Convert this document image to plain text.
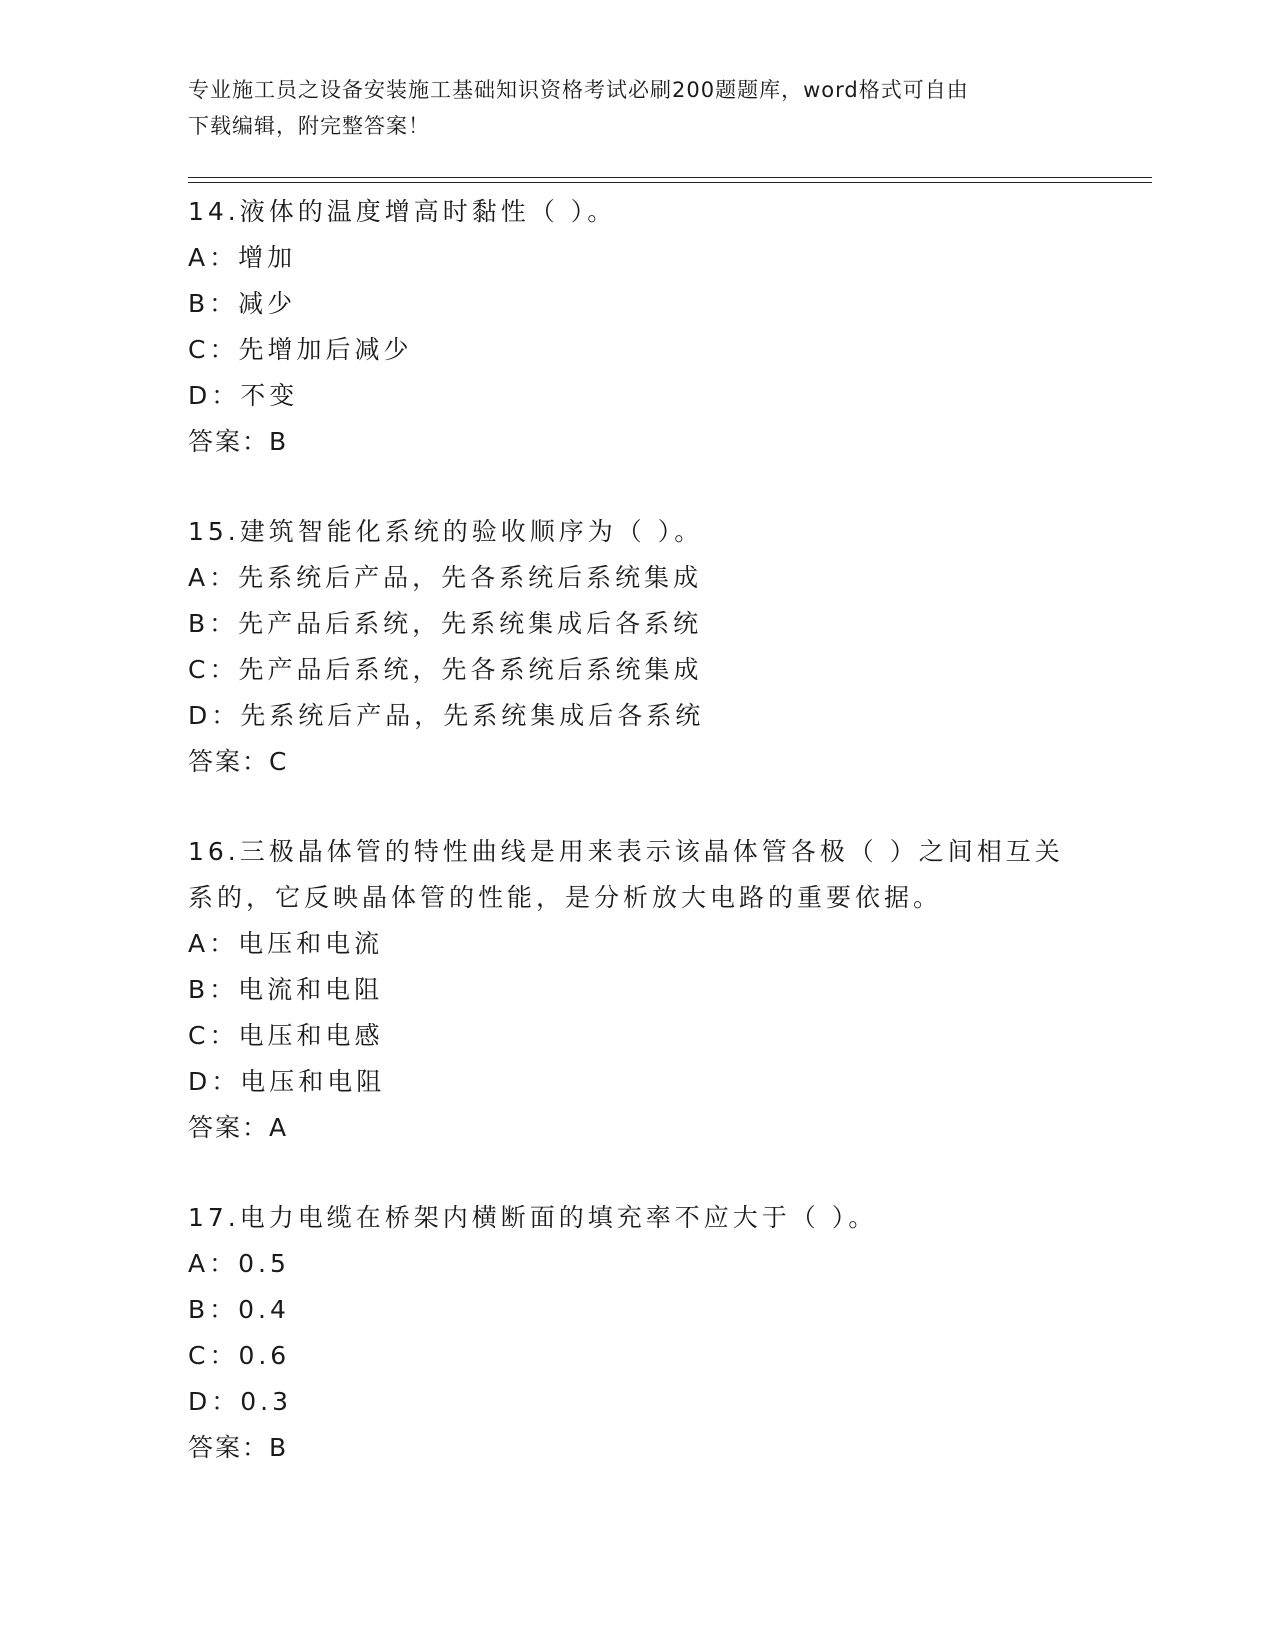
专业施工员之设备安装施工基础知识资格考试必刷200题题库，word格式可自由
下载编辑，附完整答案！

14.液体的温度增高时黏性（ ）。

A：增加

B：减少

C：先增加后减少

D：不变

答案：B

15.建筑智能化系统的验收顺序为（ ）。

A：先系统后产品，先各系统后系统集成

B：先产品后系统，先系统集成后各系统

C：先产品后系统，先各系统后系统集成

D：先系统后产品，先系统集成后各系统

答案：C

16.三极晶体管的特性曲线是用来表示该晶体管各极（ ）之间相互关

系的，它反映晶体管的性能，是分析放大电路的重要依据。

A：电压和电流

B：电流和电阻

C：电压和电感

D：电压和电阻

答案：A

17.电力电缆在桥架内横断面的填充率不应大于（ ）。

A：0.5

B：0.4

C：0.6

D：0.3

答案：B
